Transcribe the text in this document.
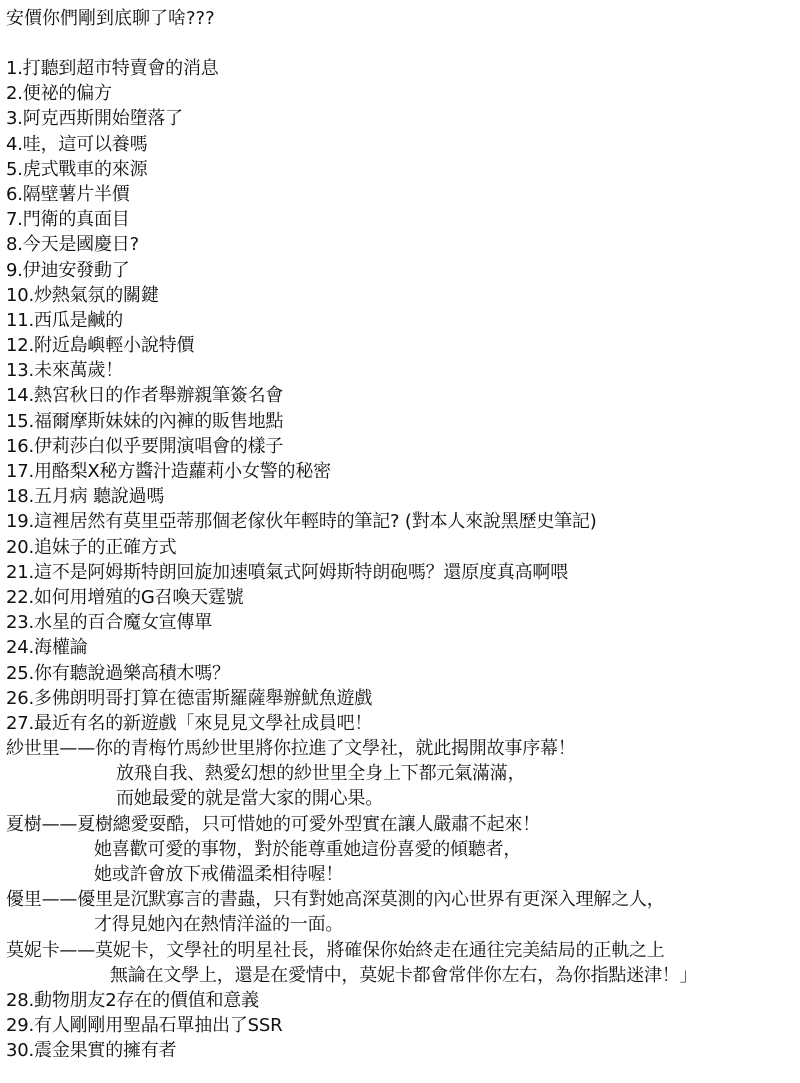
安價你們剛到底聊了啥???
1.打聽到超市特賣會的消息
2.便祕的偏方
3.阿克西斯開始墮落了
4.哇，這可以養嗎
5.虎式戰車的來源
6.隔壁薯片半價
7.門衛的真面目
8.今天是國慶日?
9.伊迪安發動了
10.炒熱氣氛的關鍵
11.西瓜是鹹的
12.附近島嶼輕小說特價
13.未來萬歲！
14.熱宮秋日的作者舉辦親筆簽名會
15.福爾摩斯妹妹的內褲的販售地點
16.伊莉莎白似乎要開演唱會的樣子
17.用酪梨X秘方醬汁造蘿莉小女警的秘密
18.五月病 聽說過嗎
19.這裡居然有莫里亞蒂那個老傢伙年輕時的筆記? (對本人來說黑歷史筆記)
20.追妹子的正確方式
21.這不是阿姆斯特朗回旋加速噴氣式阿姆斯特朗砲嗎？還原度真高啊喂
22.如何用增殖的G召喚天霆號
23.水星的百合魔女宣傳單
24.海權論
25.你有聽說過樂高積木嗎？
26.多佛朗明哥打算在德雷斯羅薩舉辦魷魚遊戲
27.最近有名的新遊戲「來見見文學社成員吧！
紗世里——你的青梅竹馬紗世里將你拉進了文學社，就此揭開故事序幕！
放飛自我、熱愛幻想的紗世里全身上下都元氣滿滿，
而她最愛的就是當大家的開心果。
夏樹——夏樹總愛耍酷，只可惜她的可愛外型實在讓人嚴肅不起來！
她喜歡可愛的事物，對於能尊重她這份喜愛的傾聽者，
她或許會放下戒備溫柔相待喔！
優里——優里是沉默寡言的書蟲，只有對她高深莫測的內心世界有更深入理解之人，
才得見她內在熱情洋溢的一面。
莫妮卡——莫妮卡，文學社的明星社長，將確保你始終走在通往完美結局的正軌之上
無論在文學上，還是在愛情中，莫妮卡都會常伴你左右，為你指點迷津！」
28.動物朋友2存在的價值和意義
29.有人剛剛用聖晶石單抽出了SSR
30.震金果實的擁有者
